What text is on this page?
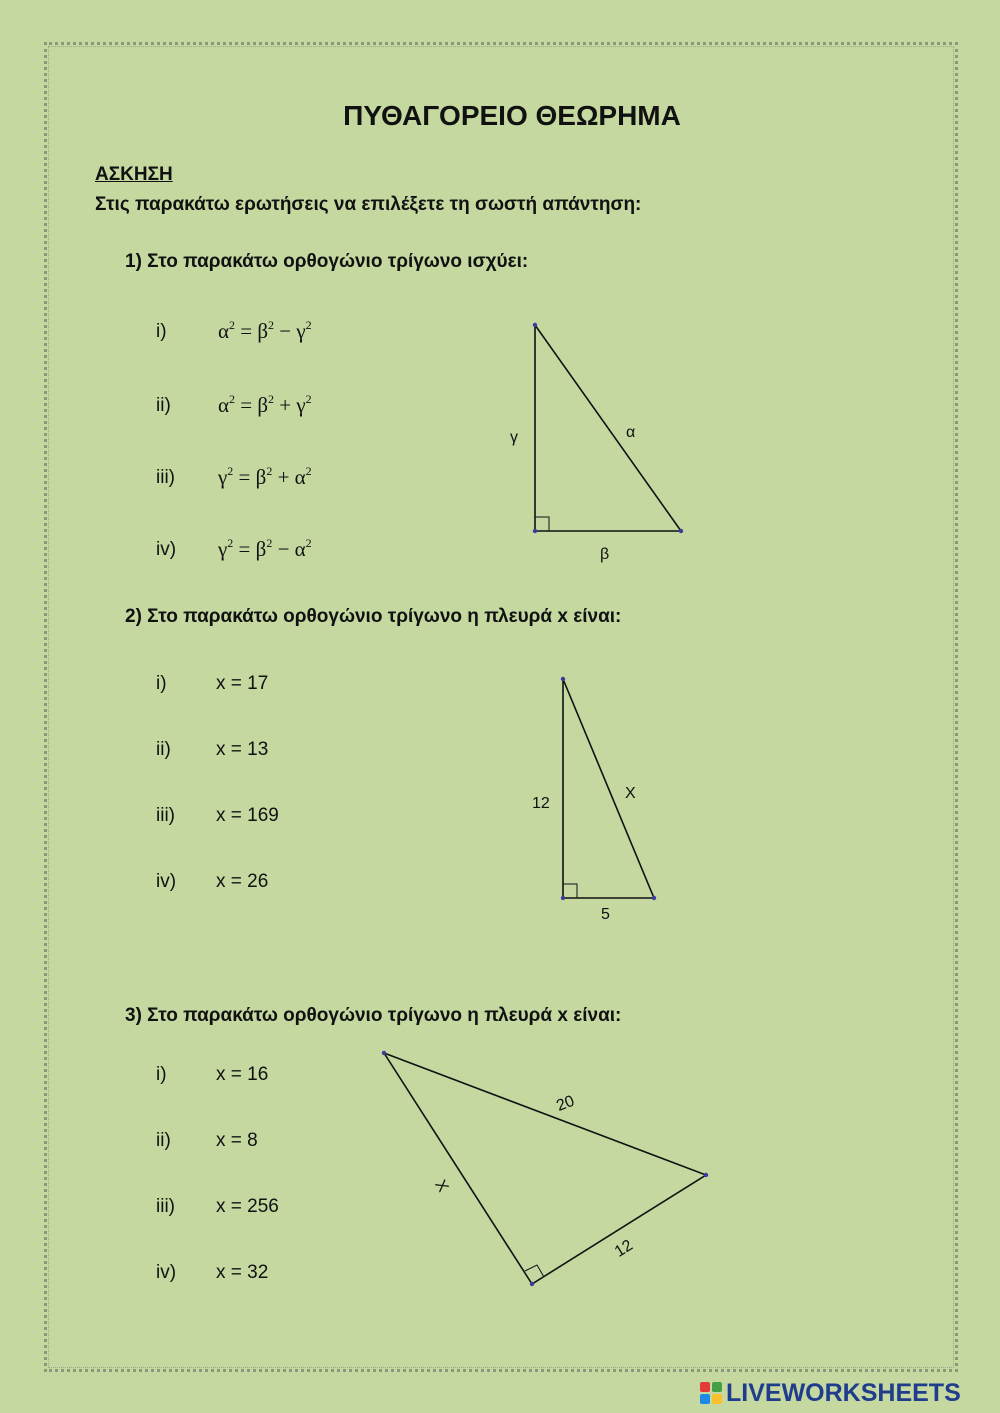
ΠΥΘΑΓΟΡΕΙΟ ΘΕΩΡΗΜΑ
ΑΣΚΗΣΗ
Στις παρακάτω ερωτήσεις να επιλέξετε τη σωστή απάντηση:
1) Στο παρακάτω ορθογώνιο τρίγωνο ισχύει:
i) $\alpha^2 = \beta^2 - \gamma^2$
ii) $\alpha^2 = \beta^2 + \gamma^2$
iii) $\gamma^2 = \beta^2 + \alpha^2$
iv) $\gamma^2 = \beta^2 - \alpha^2$
2) Στο παρακάτω ορθογώνιο τρίγωνο η πλευρά x είναι:
i)	x = 17
ii) x = 13
iii) x = 169
iv) x = 26
3) Στο παρακάτω ορθογώνιο τρίγωνο η πλευρά x είναι:
i)	x = 16
ii) x = 8
iii) x = 256
iv) x = 32
γ	α
β
12
X
5
20
X
12
LIVEWORKSHEETS
